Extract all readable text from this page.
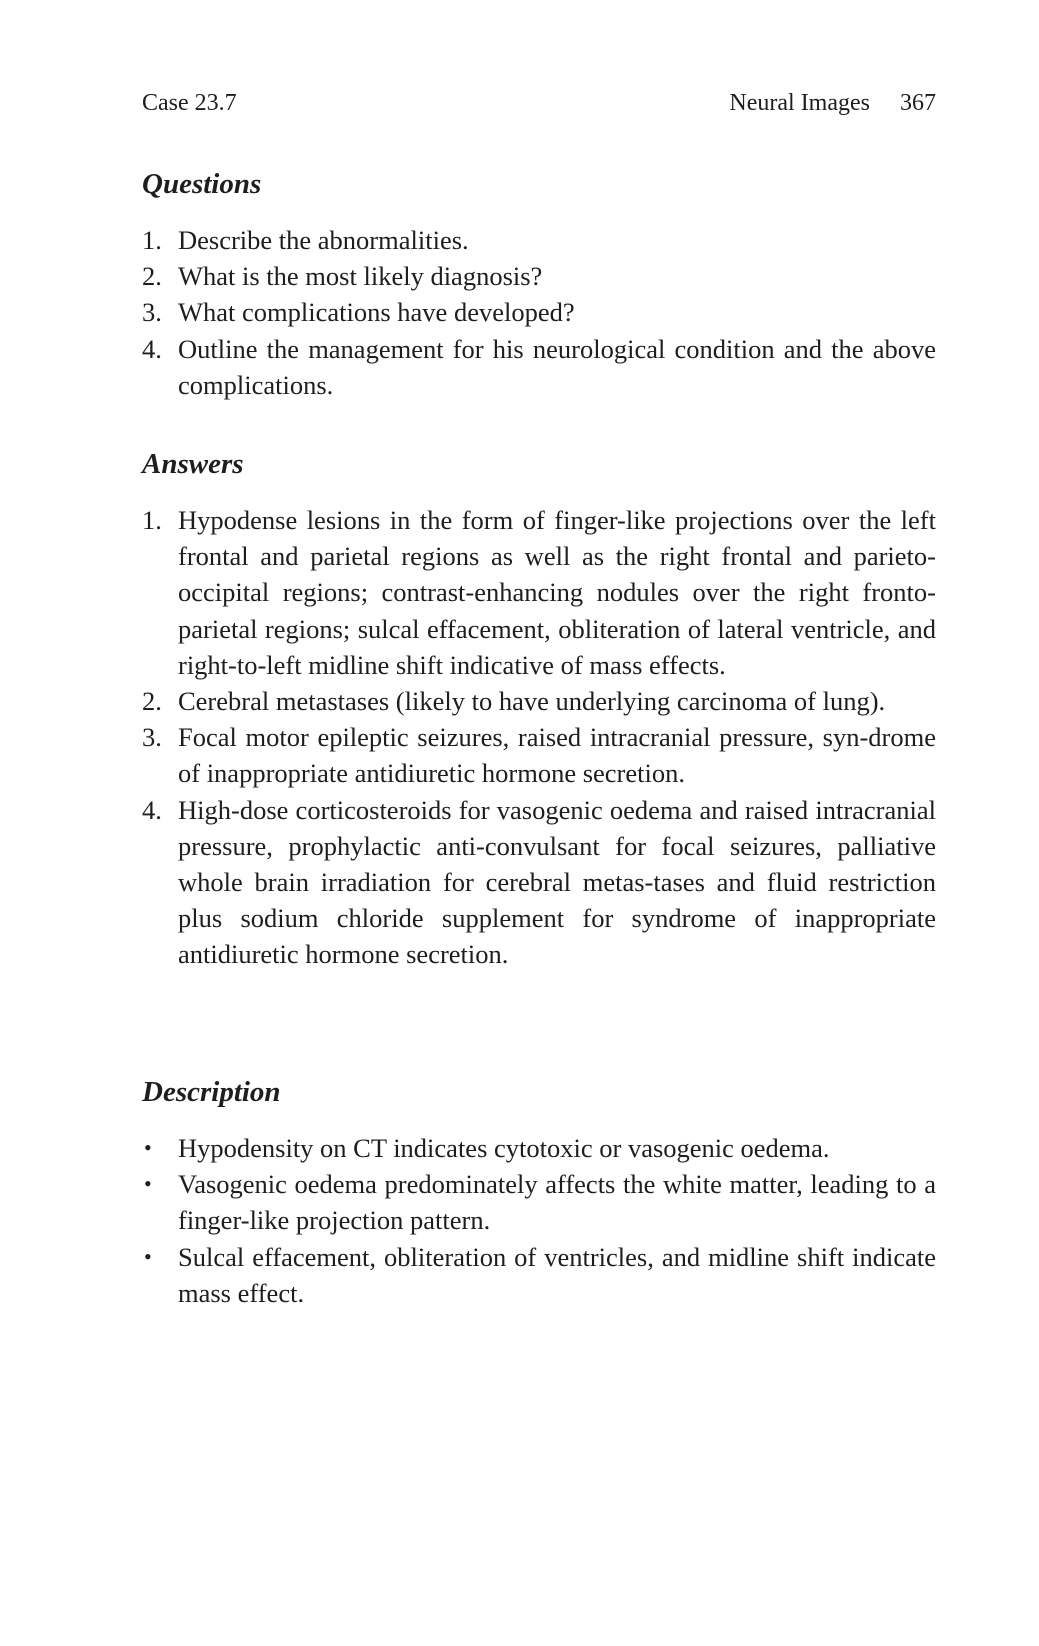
Case 23.7	Neural Images 367
Questions
1. Describe the abnormalities.
2. What is the most likely diagnosis?
3. What complications have developed?
4. Outline the management for his neurological condition and the above complications.
Answers
1. Hypodense lesions in the form of finger-like projections over the left frontal and parietal regions as well as the right frontal and parieto-occipital regions; contrast-enhancing nodules over the right fronto-parietal regions; sulcal effacement, obliteration of lateral ventricle, and right-to-left midline shift indicative of mass effects.
2. Cerebral metastases (likely to have underlying carcinoma of lung).
3. Focal motor epileptic seizures, raised intracranial pressure, syn-drome of inappropriate antidiuretic hormone secretion.
4. High-dose corticosteroids for vasogenic oedema and raised intracranial pressure, prophylactic anti-convulsant for focal seizures, palliative whole brain irradiation for cerebral metas-tases and fluid restriction plus sodium chloride supplement for syndrome of inappropriate antidiuretic hormone secretion.
Description
• Hypodensity on CT indicates cytotoxic or vasogenic oedema.
• Vasogenic oedema predominately affects the white matter, leading to a finger-like projection pattern.
• Sulcal effacement, obliteration of ventricles, and midline shift indicate mass effect.
